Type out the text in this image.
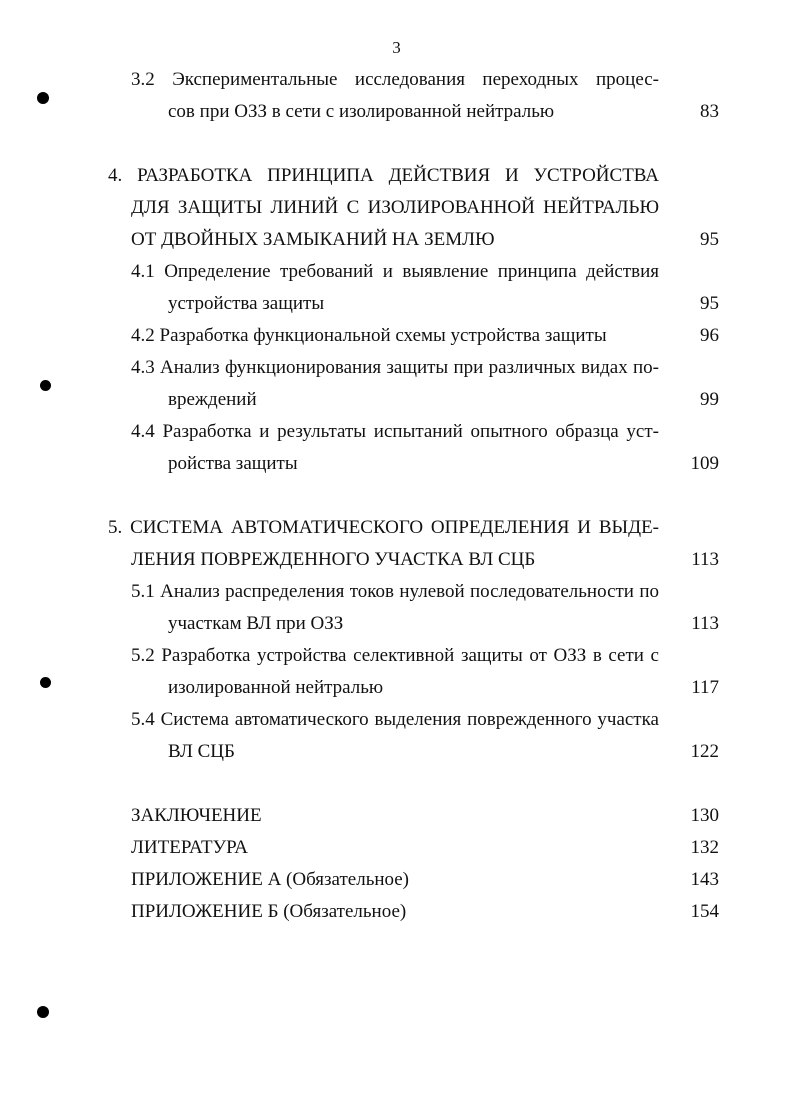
3
3.2 Экспериментальные исследования переходных процес-
сов при ОЗЗ в сети с изолированной нейтралью	83
4. РАЗРАБОТКА ПРИНЦИПА ДЕЙСТВИЯ И УСТРОЙСТВА
ДЛЯ ЗАЩИТЫ ЛИНИЙ С ИЗОЛИРОВАННОЙ НЕЙТРАЛЬЮ
ОТ ДВОЙНЫХ ЗАМЫКАНИЙ НА ЗЕМЛЮ	95
4.1 Определение требований и выявление принципа действия
устройства защиты	95
4.2 Разработка функциональной схемы устройства защиты	96
4.3 Анализ функционирования защиты при различных видах по-
вреждений	99
4.4 Разработка и результаты испытаний опытного образца уст-
ройства защиты	109
5. СИСТЕМА АВТОМАТИЧЕСКОГО ОПРЕДЕЛЕНИЯ И ВЫДЕ-
ЛЕНИЯ ПОВРЕЖДЕННОГО УЧАСТКА ВЛ СЦБ	113
5.1 Анализ распределения токов нулевой последовательности по
участкам ВЛ при ОЗЗ	113
5.2 Разработка устройства селективной защиты от ОЗЗ в сети с
изолированной нейтралью	117
5.4 Система автоматического выделения поврежденного участка
ВЛ СЦБ	122
ЗАКЛЮЧЕНИЕ	130
ЛИТЕРАТУРА	132
ПРИЛОЖЕНИЕ А (Обязательное)	143
ПРИЛОЖЕНИЕ Б (Обязательное)	154
